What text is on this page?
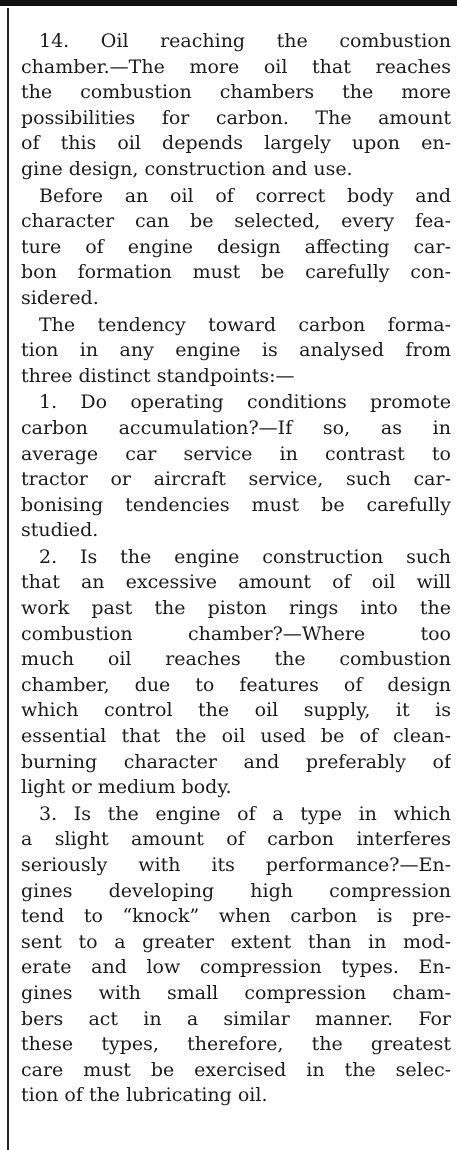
14. Oil reaching the combustion
chamber.—The more oil that reaches
the combustion chambers the more
possibilities for carbon. The amount
of this oil depends largely upon en-
gine design, construction and use.
Before an oil of correct body and
character can be selected, every fea-
ture of engine design affecting car-
bon formation must be carefully con-
sidered.
The tendency toward carbon forma-
tion in any engine is analysed from
three distinct standpoints:—
1. Do operating conditions promote
carbon accumulation?—If so, as in
average car service in contrast to
tractor or aircraft service, such car-
bonising tendencies must be carefully
studied.
2. Is the engine construction such
that an excessive amount of oil will
work past the piston rings into the
combustion chamber?—Where too
much oil reaches the combustion
chamber, due to features of design
which control the oil supply, it is
essential that the oil used be of clean-
burning character and preferably of
light or medium body.
3. Is the engine of a type in which
a slight amount of carbon interferes
seriously with its performance?—En-
gines developing high compression
tend to “knock” when carbon is pre-
sent to a greater extent than in mod-
erate and low compression types. En-
gines with small compression cham-
bers act in a similar manner. For
these types, therefore, the greatest
care must be exercised in the selec-
tion of the lubricating oil.
